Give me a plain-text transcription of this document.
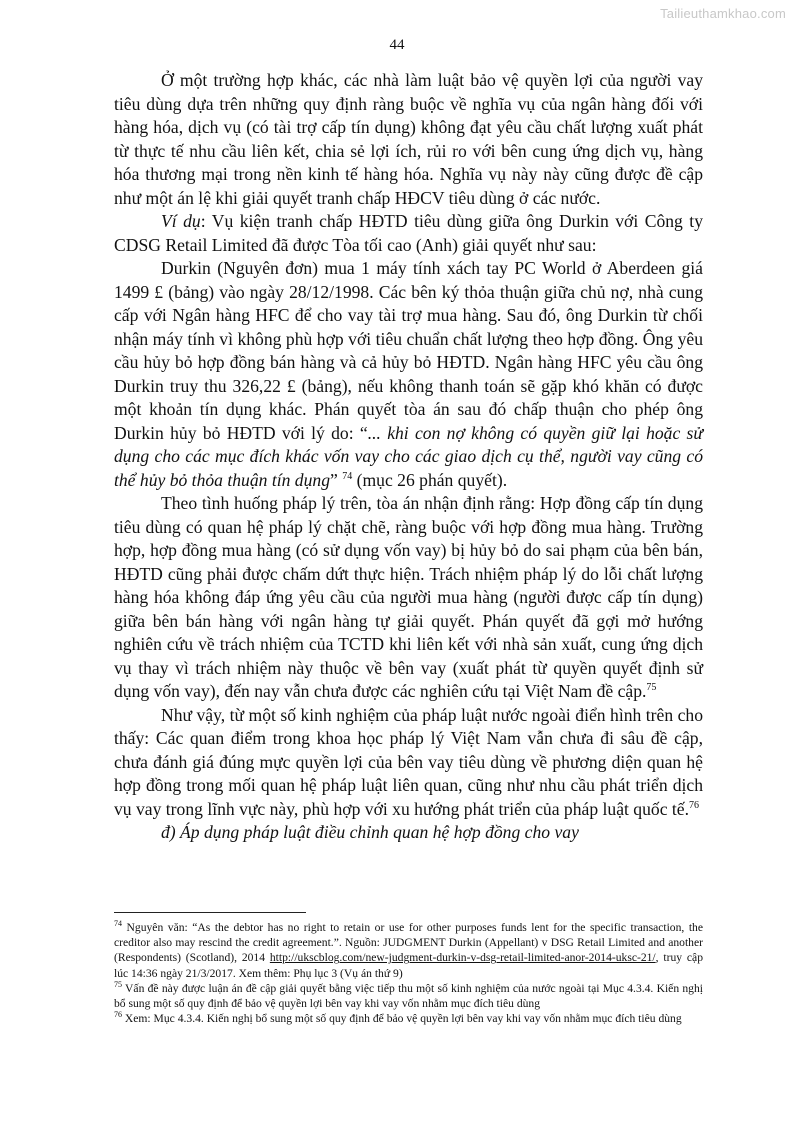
Tailieuthamkhao.com
44

Ở một trường hợp khác, các nhà làm luật bảo vệ quyền lợi của người vay tiêu dùng dựa trên những quy định ràng buộc về nghĩa vụ của ngân hàng đối với hàng hóa, dịch vụ (có tài trợ cấp tín dụng) không đạt yêu cầu chất lượng xuất phát từ thực tế nhu cầu liên kết, chia sẻ lợi ích, rủi ro với bên cung ứng dịch vụ, hàng hóa thương mại trong nền kinh tế hàng hóa. Nghĩa vụ này này cũng được đề cập như một án lệ khi giải quyết tranh chấp HĐCV tiêu dùng ở các nước.

Ví dụ: Vụ kiện tranh chấp HĐTD tiêu dùng giữa ông Durkin với Công ty CDSG Retail Limited đã được Tòa tối cao (Anh) giải quyết như sau:

Durkin (Nguyên đơn) mua 1 máy tính xách tay PC World ở Aberdeen giá 1499 £ (bảng) vào ngày 28/12/1998. Các bên ký thỏa thuận giữa chủ nợ, nhà cung cấp với Ngân hàng HFC để cho vay tài trợ mua hàng. Sau đó, ông Durkin từ chối nhận máy tính vì không phù hợp với tiêu chuẩn chất lượng theo hợp đồng. Ông yêu cầu hủy bỏ hợp đồng bán hàng và cả hủy bỏ HĐTD. Ngân hàng HFC yêu cầu ông Durkin truy thu 326,22 £ (bảng), nếu không thanh toán sẽ gặp khó khăn có được một khoản tín dụng khác. Phán quyết tòa án sau đó chấp thuận cho phép ông Durkin hủy bỏ HĐTD với lý do: “... khi con nợ không có quyền giữ lại hoặc sử dụng cho các mục đích khác vốn vay cho các giao dịch cụ thể, người vay cũng có thể hủy bỏ thỏa thuận tín dụng” $^{74}$ (mục 26 phán quyết).

Theo tình huống pháp lý trên, tòa án nhận định rằng: Hợp đồng cấp tín dụng tiêu dùng có quan hệ pháp lý chặt chẽ, ràng buộc với hợp đồng mua hàng. Trường hợp, hợp đồng mua hàng (có sử dụng vốn vay) bị hủy bỏ do sai phạm của bên bán, HĐTD cũng phải được chấm dứt thực hiện. Trách nhiệm pháp lý do lỗi chất lượng hàng hóa không đáp ứng yêu cầu của người mua hàng (người được cấp tín dụng) giữa bên bán hàng với ngân hàng tự giải quyết. Phán quyết đã gợi mở hướng nghiên cứu về trách nhiệm của TCTD khi liên kết với nhà sản xuất, cung ứng dịch vụ thay vì trách nhiệm này thuộc về bên vay (xuất phát từ quyền quyết định sử dụng vốn vay), đến nay vẫn chưa được các nghiên cứu tại Việt Nam đề cập.$^{75}$

Như vậy, từ một số kinh nghiệm của pháp luật nước ngoài điển hình trên cho thấy: Các quan điểm trong khoa học pháp lý Việt Nam vẫn chưa đi sâu đề cập, chưa đánh giá đúng mực quyền lợi của bên vay tiêu dùng về phương diện quan hệ hợp đồng trong mối quan hệ pháp luật liên quan, cũng như nhu cầu phát triển dịch vụ vay trong lĩnh vực này, phù hợp với xu hướng phát triển của pháp luật quốc tế.$^{76}$

đ) Áp dụng pháp luật điều chỉnh quan hệ hợp đồng cho vay

$^{74}$ Nguyên văn: “As the debtor has no right to retain or use for other purposes funds lent for the specific transaction, the creditor also may rescind the credit agreement.”. Nguồn: JUDGMENT Durkin (Appellant) v DSG Retail Limited and another (Respondents) (Scotland), 2014 http://ukscblog.com/new-judgment-durkin-v-dsg-retail-limited-anor-2014-uksc-21/, truy cập lúc 14:36 ngày 21/3/2017. Xem thêm: Phụ lục 3 (Vụ án thứ 9)

$^{75}$ Vấn đề này được luận án đề cập giải quyết bằng việc tiếp thu một số kinh nghiệm của nước ngoài tại Mục 4.3.4. Kiến nghị bổ sung một số quy định để bảo vệ quyền lợi bên vay khi vay vốn nhằm mục đích tiêu dùng

$^{76}$ Xem: Mục 4.3.4. Kiến nghị bổ sung một số quy định để bảo vệ quyền lợi bên vay khi vay vốn nhằm mục đích tiêu dùng
